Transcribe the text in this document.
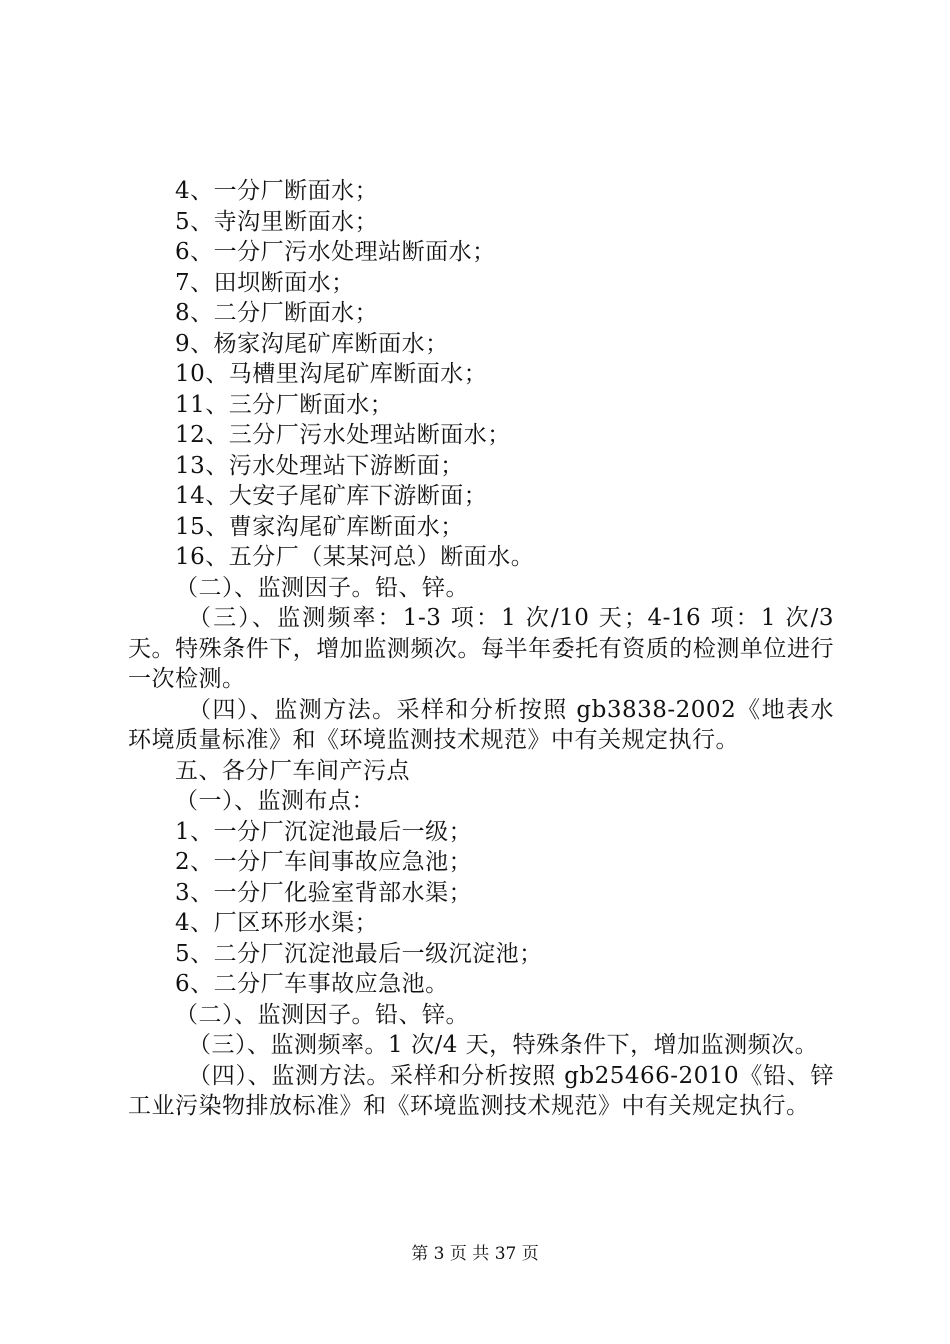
4、一分厂断面水；
5、寺沟里断面水；
6、一分厂污水处理站断面水；
7、田坝断面水；
8、二分厂断面水；
9、杨家沟尾矿库断面水；
10、马槽里沟尾矿库断面水；
11、三分厂断面水；
12、三分厂污水处理站断面水；
13、污水处理站下游断面；
14、大安子尾矿库下游断面；
15、曹家沟尾矿库断面水；
16、五分厂（某某河总）断面水。
（二）、监测因子。铅、锌。
（三）、监测频率：1-3 项：1 次/10 天；4-16 项：1 次/3 天。特殊条件下，增加监测频次。每半年委托有资质的检测单位进行一次检测。
（四）、监测方法。采样和分析按照 gb3838-2002《地表水环境质量标准》和《环境监测技术规范》中有关规定执行。
五、各分厂车间产污点
（一）、监测布点：
1、一分厂沉淀池最后一级；
2、一分厂车间事故应急池；
3、一分厂化验室背部水渠；
4、厂区环形水渠；
5、二分厂沉淀池最后一级沉淀池；
6、二分厂车事故应急池。
（二）、监测因子。铅、锌。
（三）、监测频率。1 次/4 天，特殊条件下，增加监测频次。
（四）、监测方法。采样和分析按照 gb25466-2010《铅、锌工业污染物排放标准》和《环境监测技术规范》中有关规定执行。
第 3 页 共 37 页
